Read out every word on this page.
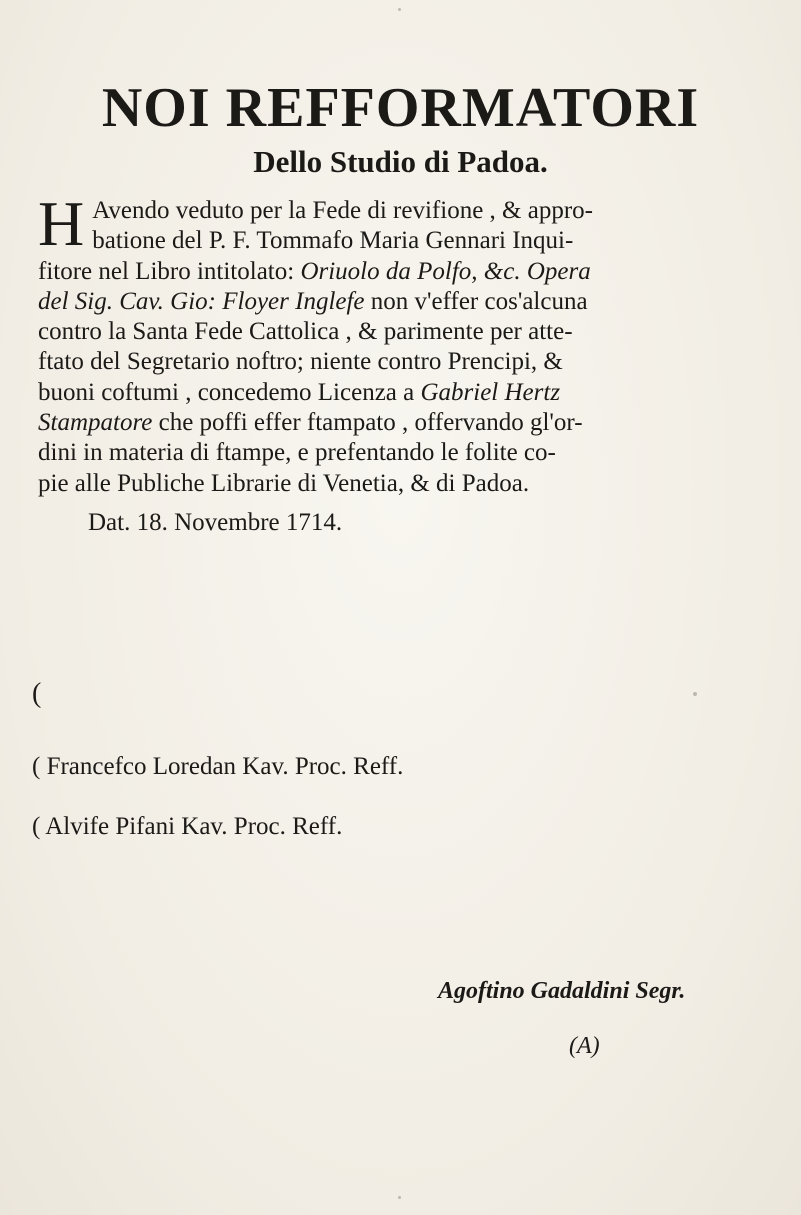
NOI REFFORMATORI
Dello Studio di Padoa.
H Avendo veduto per la Fede di revifione , & appro-
batione del P. F. Tommafo Maria Gennari Inqui-
fitore nel Libro intitolato: Oriuolo da Polfo, &c. Opera
del Sig. Cav. Gio: Floyer Inglefe non v'effer cos'alcuna
contro la Santa Fede Cattolica , & parimente per atte-
ftato del Segretario noftro; niente contro Prencipi, &
buoni coftumi , concedemo Licenza a Gabriel Hertz
Stampatore che poffi effer ftampato , offervando gl'or-
dini in materia di ftampe, e prefentando le folite co-
pie alle Publiche Librarie di Venetia, & di Padoa.
Dat. 18. Novembre 1714.
(
( Francefco Loredan Kav. Proc. Reff.
( Alvife Pifani Kav. Proc. Reff.
Agoftino Gadaldini Segr.
(A)
